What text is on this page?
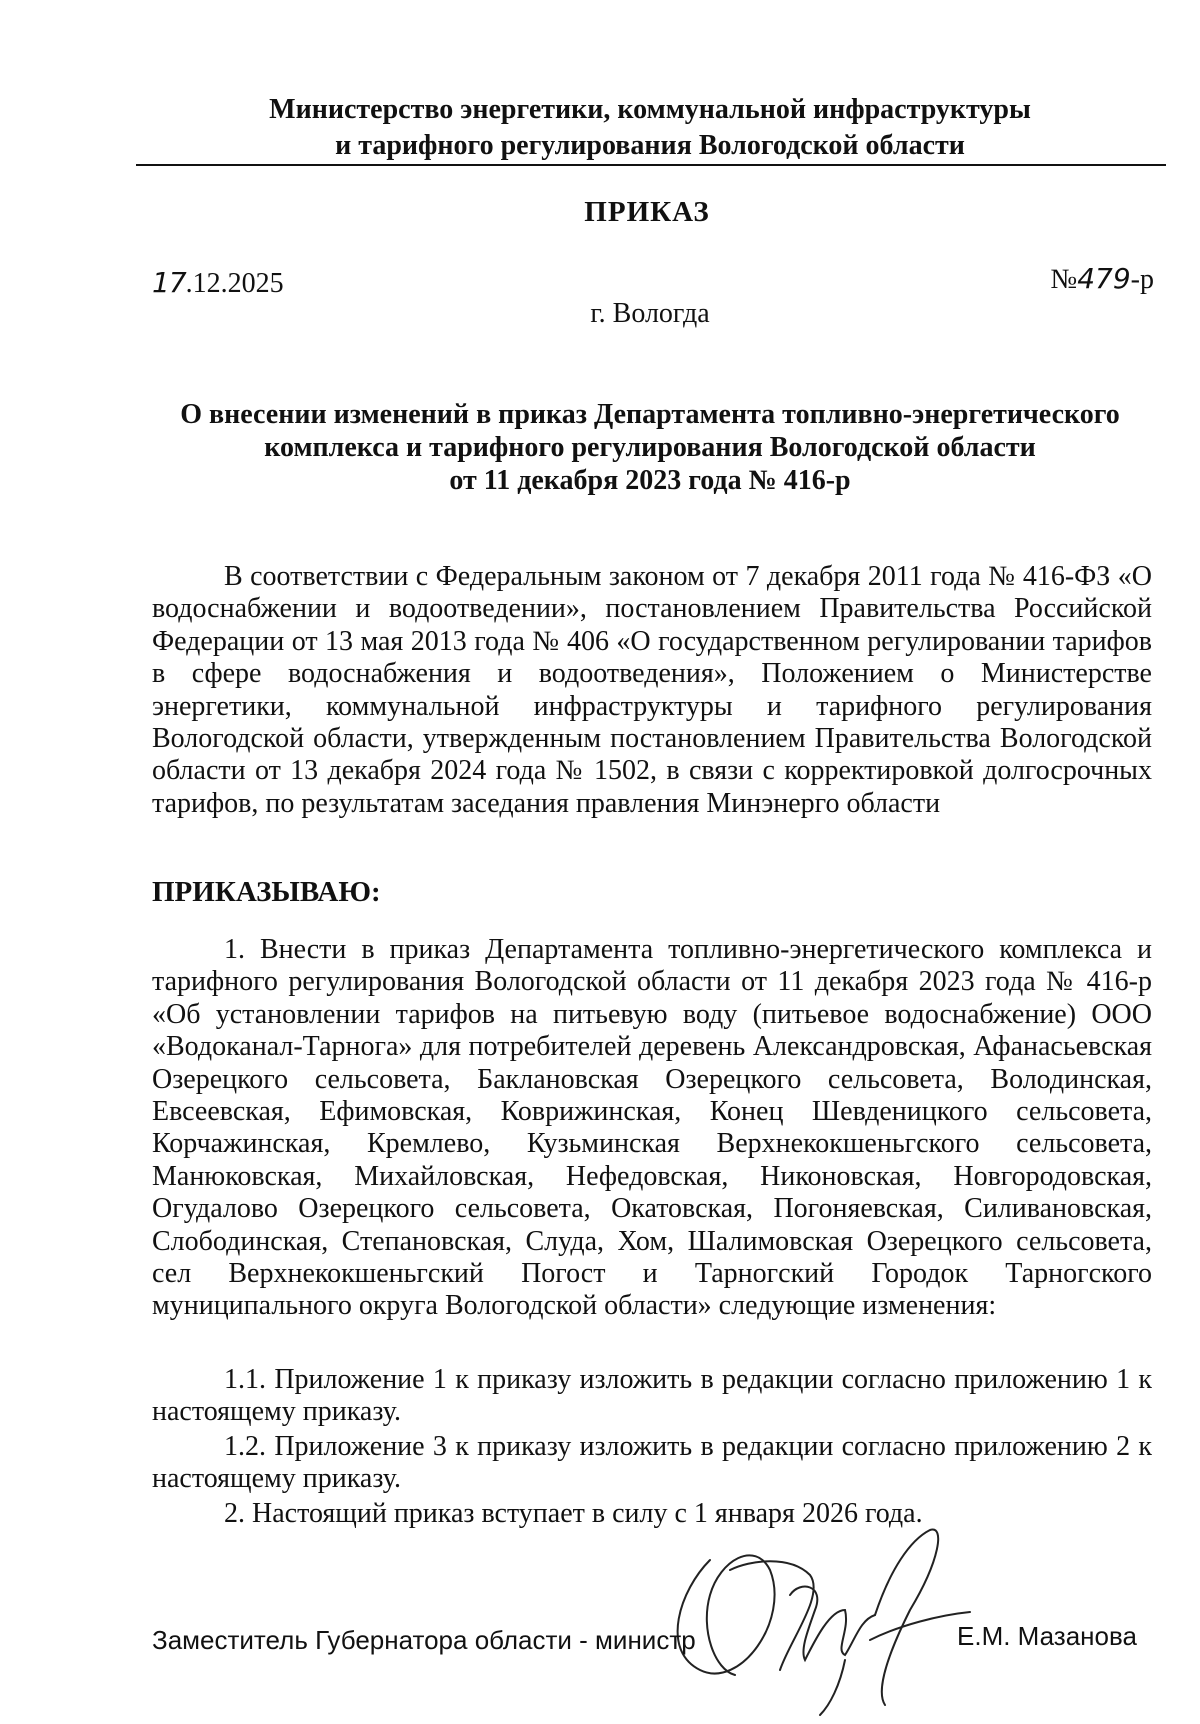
Министерство энергетики, коммунальной инфраструктуры
и тарифного регулирования Вологодской области
ПРИКАЗ
17.12.2025	№479-р
г. Вологда
О внесении изменений в приказ Департамента топливно-энергетического
комплекса и тарифного регулирования Вологодской области
от 11 декабря 2023 года № 416-р
В соответствии с Федеральным законом от 7 декабря 2011 года № 416-ФЗ «О водоснабжении и водоотведении», постановлением Правительства Российской Федерации от 13 мая 2013 года № 406 «О государственном регулировании тарифов в сфере водоснабжения и водоотведения», Положением о Министерстве энергетики, коммунальной инфраструктуры и тарифного регулирования Вологодской области, утвержденным постановлением Правительства Вологодской области от 13 декабря 2024 года № 1502, в связи с корректировкой долгосрочных тарифов, по результатам заседания правления Минэнерго области
ПРИКАЗЫВАЮ:
1. Внести в приказ Департамента топливно-энергетического комплекса и тарифного регулирования Вологодской области от 11 декабря 2023 года № 416-р «Об установлении тарифов на питьевую воду (питьевое водоснабжение) ООО «Водоканал-Тарнога» для потребителей деревень Александровская, Афанасьевская Озерецкого сельсовета, Баклановская Озерецкого сельсовета, Володинская, Евсеевская, Ефимовская, Коврижинская, Конец Шевденицкого сельсовета, Корчажинская, Кремлево, Кузьминская Верхнекокшеньгского сельсовета, Манюковская, Михайловская, Нефедовская, Никоновская, Новгородовская, Огудалово Озерецкого сельсовета, Окатовская, Погоняевская, Силивановская, Слободинская, Степановская, Слуда, Хом, Шалимовская Озерецкого сельсовета, сел Верхнекокшеньгский Погост и Тарногский Городок Тарногского муниципального округа Вологодской области» следующие изменения:
1.1. Приложение 1 к приказу изложить в редакции согласно приложению 1 к настоящему приказу.
1.2. Приложение 3 к приказу изложить в редакции согласно приложению 2 к настоящему приказу.
2. Настоящий приказ вступает в силу с 1 января 2026 года.
Заместитель Губернатора области - министр	Е.М. Мазанова
